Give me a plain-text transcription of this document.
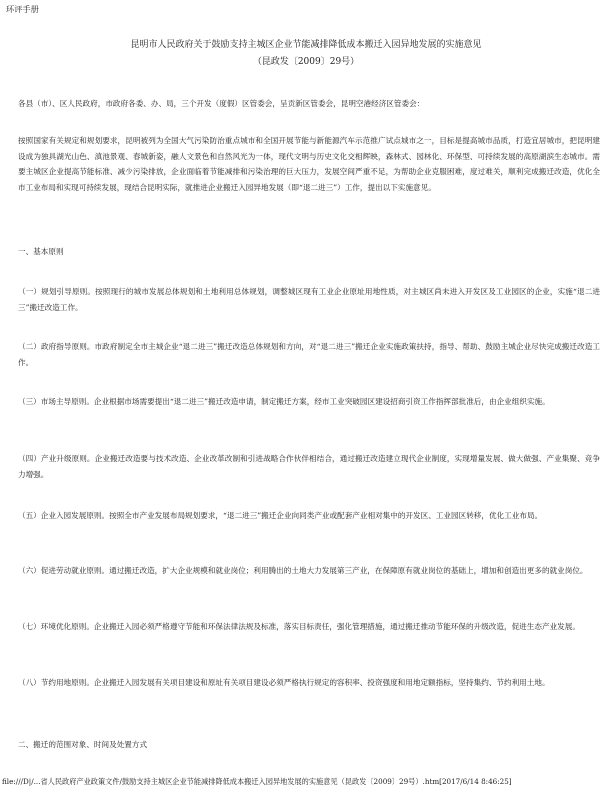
环评手册
昆明市人民政府关于鼓励支持主城区企业节能减排降低成本搬迁入园异地发展的实施意见
（昆政发〔2009〕29号）
各县（市）、区人民政府，市政府各委、办、局，三个开发（度假）区管委会，呈贡新区管委会，昆明空港经济区管委会：
按照国家有关规定和规划要求，昆明被列为全国大气污染防治重点城市和全国开展节能与新能源汽车示范推广试点城市之一，目标是提高城市品质，打造宜居城市，把昆明建设成为独具湖光山色、滇池景观、春城新姿，融人文景色和自然风光为一体，现代文明与历史文化交相辉映，森林式、园林化、环保型、可持续发展的高原湖滨生态城市。需要主城区企业提高节能标准、减少污染排放，企业面临着节能减排和污染治理的巨大压力，发展空间严重不足，为帮助企业克服困难，度过难关，顺利完成搬迁改造，优化全市工业布局和实现可持续发展，现结合昆明实际，就推进企业搬迁入园异地发展（即“退二进三”）工作，提出以下实施意见。
一、基本原则
（一）规划引导原则。按照现行的城市发展总体规划和土地利用总体规划，调整城区现有工业企业原址用地性质，对主城区尚未进入开发区及工业园区的企业，实施“退二进三”搬迁改造工作。
（二）政府指导原则。市政府制定全市主城企业“退二进三”搬迁改造总体规划和方向，对“退二进三”搬迁企业实施政策扶持，指导、帮助、鼓励主城企业尽快完成搬迁改造工作。
（三）市场主导原则。企业根据市场需要提出“退二进三”搬迁改造申请，制定搬迁方案，经市工业突破园区建设招商引资工作指挥部批准后，由企业组织实施。
（四）产业升级原则。企业搬迁改造要与技术改造、企业改革改制和引进战略合作伙伴相结合，通过搬迁改造建立现代企业制度，实现增量发展、做大做强、产业集聚、竞争力增强。
（五）企业入园发展原则。按照全市产业发展布局规划要求，“退二进三”搬迁企业向同类产业或配套产业相对集中的开发区、工业园区转移，优化工业布局。
（六）促进劳动就业原则。通过搬迁改造，扩大企业规模和就业岗位；利用腾出的土地大力发展第三产业，在保障原有就业岗位的基础上，增加和创造出更多的就业岗位。
（七）环境优化原则。企业搬迁入园必须严格遵守节能和环保法律法规及标准，落实目标责任，强化管理措施，通过搬迁推动节能环保的升级改造，促进生态产业发展。
（八）节约用地原则。企业搬迁入园发展有关项目建设和原址有关项目建设必须严格执行规定的容积率、投资强度和用地定额指标，坚持集约、节约利用土地。
二、搬迁的范围对象、时间及处置方式
file:///D|/...省人民政府产业政策文件/鼓励支持主城区企业节能减排降低成本搬迁入园异地发展的实施意见（昆政发〔2009〕29号）.htm[2017/6/14 8:46:25]
